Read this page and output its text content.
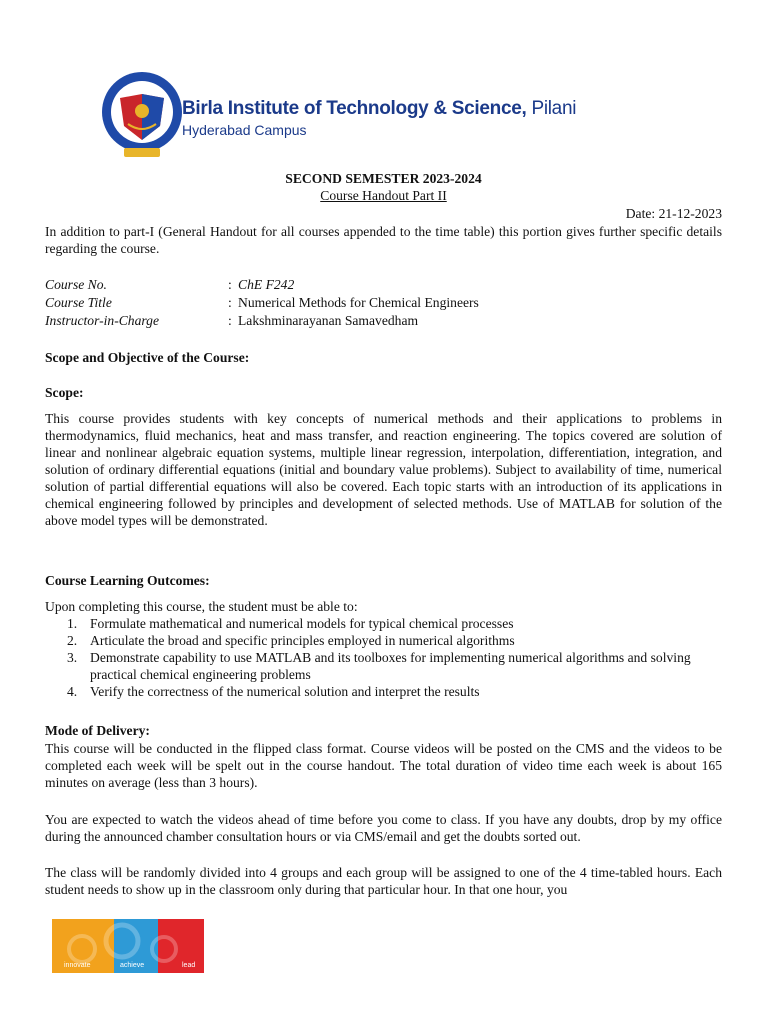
Birla Institute of Technology & Science, Pilani
Hyderabad Campus
SECOND SEMESTER 2023-2024
Course Handout Part II
Date: 21-12-2023
In addition to part-I (General Handout for all courses appended to the time table) this portion gives further specific details regarding the course.
Course No.	: ChE F242
Course Title	: Numerical Methods for Chemical Engineers
Instructor-in-Charge	: Lakshminarayanan Samavedham
Scope and Objective of the Course:
Scope:
This course provides students with key concepts of numerical methods and their applications to problems in thermodynamics, fluid mechanics, heat and mass transfer, and reaction engineering. The topics covered are solution of linear and nonlinear algebraic equation systems, multiple linear regression, interpolation, differentiation, integration, and solution of ordinary differential equations (initial and boundary value problems). Subject to availability of time, numerical solution of partial differential equations will also be covered. Each topic starts with an introduction of its applications in chemical engineering followed by principles and development of selected methods. Use of MATLAB for solution of the above model types will be demonstrated.
Course Learning Outcomes:
Upon completing this course, the student must be able to:
1. Formulate mathematical and numerical models for typical chemical processes
2. Articulate the broad and specific principles employed in numerical algorithms
3. Demonstrate capability to use MATLAB and its toolboxes for implementing numerical algorithms and solving practical chemical engineering problems
4. Verify the correctness of the numerical solution and interpret the results
Mode of Delivery:
This course will be conducted in the flipped class format. Course videos will be posted on the CMS and the videos to be completed each week will be spelt out in the course handout. The total duration of video time each week is about 165 minutes on average (less than 3 hours).
You are expected to watch the videos ahead of time before you come to class. If you have any doubts, drop by my office during the announced chamber consultation hours or via CMS/email and get the doubts sorted out.
The class will be randomly divided into 4 groups and each group will be assigned to one of the 4 time-tabled hours. Each student needs to show up in the classroom only during that particular hour. In that one hour, you
innovate	achieve	lead
